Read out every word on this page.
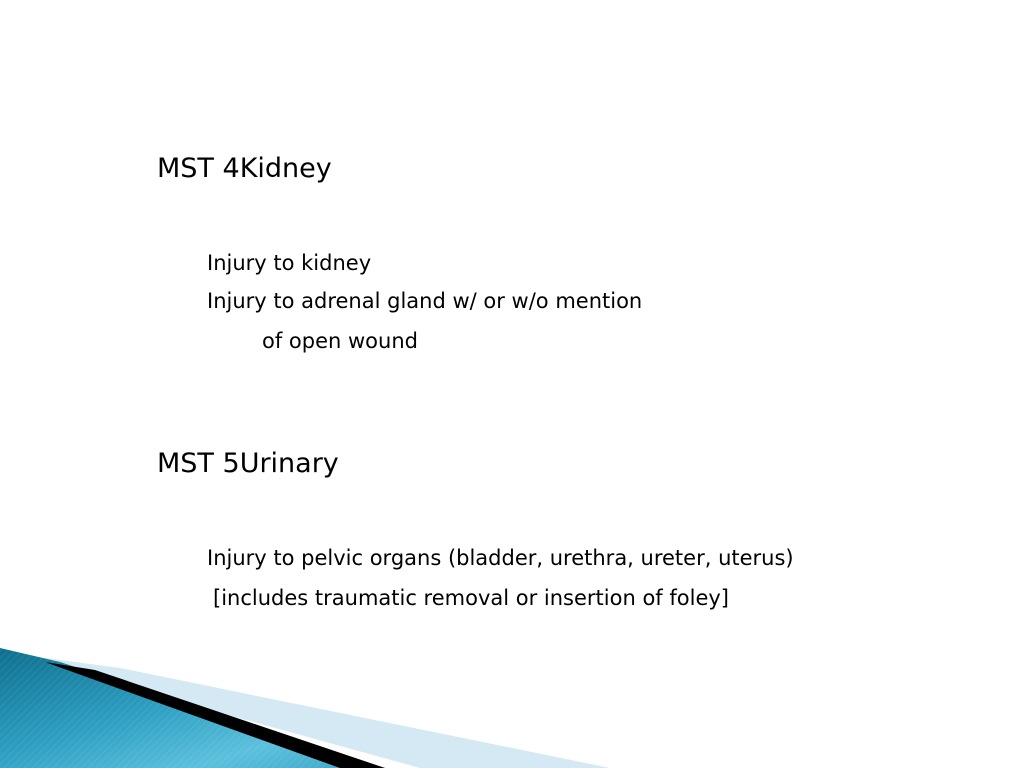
MST 4Kidney
Injury to kidney
Injury to adrenal gland w/ or w/o mention
of open wound
MST 5Urinary
Injury to pelvic organs (bladder, urethra, ureter, uterus)
[includes traumatic removal or insertion of foley]
